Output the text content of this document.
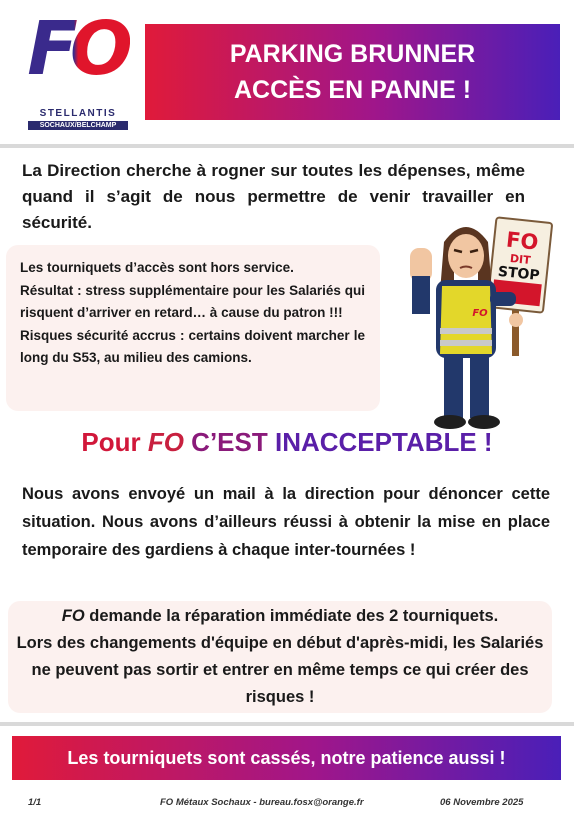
FO
STELLANTIS
SOCHAUX/BELCHAMP
PARKING BRUNNER
ACCÈS EN PANNE !
La Direction cherche à rogner sur toutes les dépenses, même quand il s’agit de nous permettre de venir travailler en sécurité.

Les tourniquets d’accès sont hors service.
Résultat : stress supplémentaire pour les Salariés qui risquent d’arriver en retard… à cause du patron !!!
Risques sécurité accrus : certains doivent marcher le long du S53, au milieu des camions.

FO
DIT
STOP
FO
Pour FO C’EST INACCEPTABLE !
Nous avons envoyé un mail à la direction pour dénoncer cette situation. Nous avons d’ailleurs réussi à obtenir la mise en place temporaire des gardiens à chaque inter-tournées !

FO demande la réparation immédiate des 2 tourniquets.
Lors des changements d'équipe en début d'après-midi, les Salariés ne peuvent pas sortir et entrer en même temps ce qui créer des risques !

Les tourniquets sont cassés, notre patience aussi !
1/1	FO Métaux Sochaux - bureau.fosx@orange.fr	06 Novembre 2025
